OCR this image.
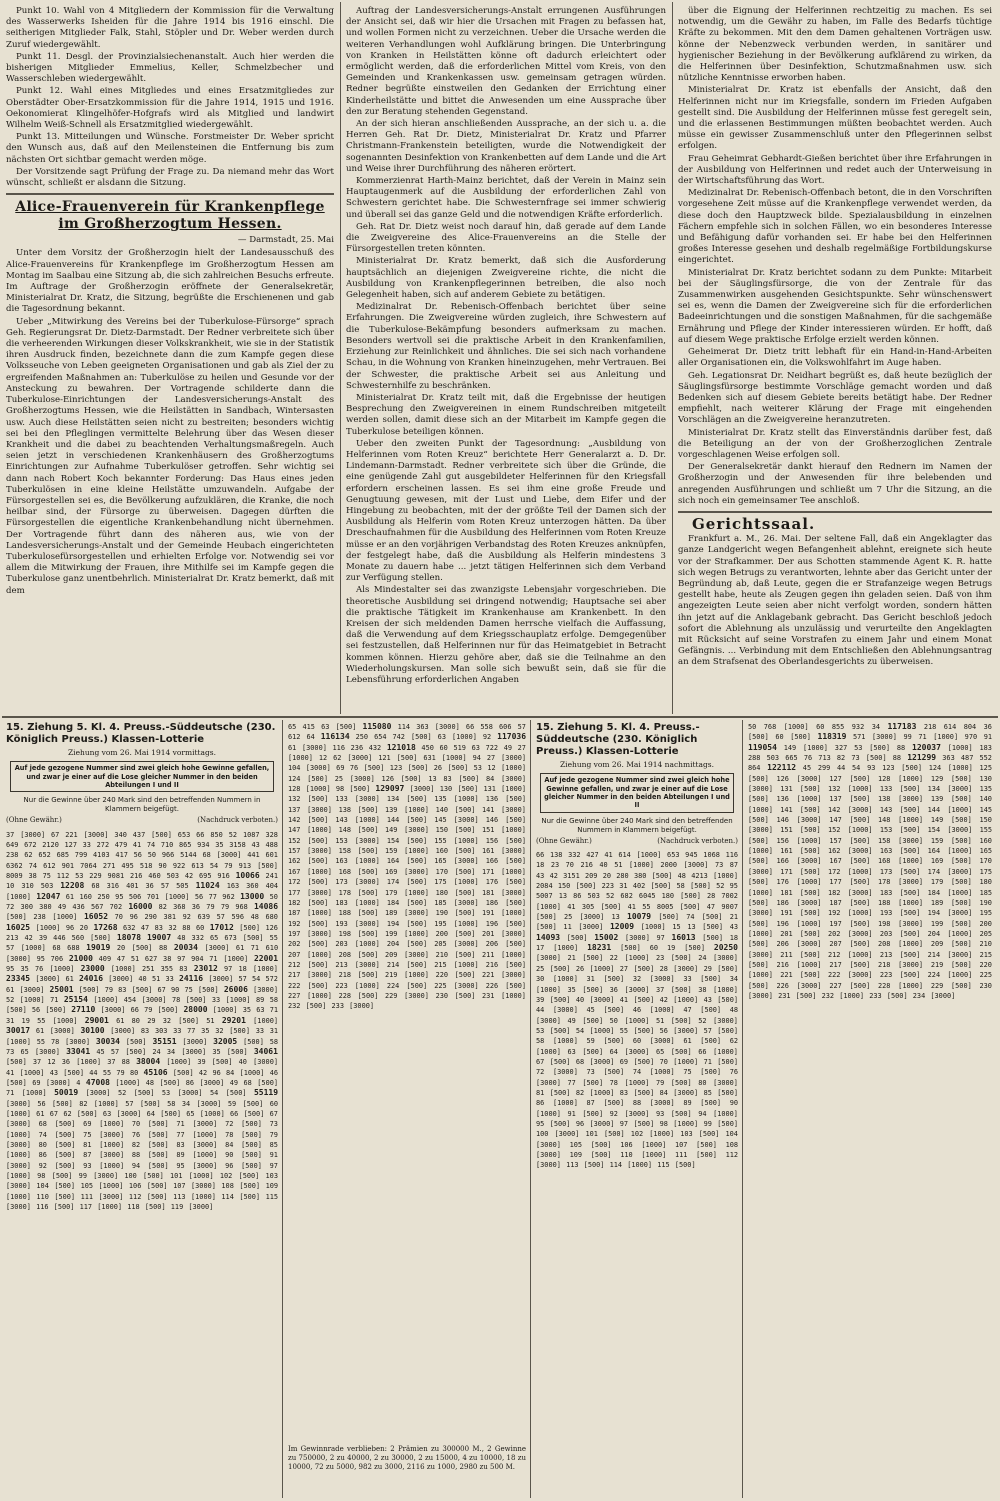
Punkt 10. Wahl von 4 Mitgliedern der Kommission für die Verwaltung des Wasserwerks Isheiden für die Jahre 1914 bis 1916 einschl. Die seitherigen Mitglieder Falk, Stahl, Stöpler und Dr. Weber werden durch Zuruf wiedergewählt.

Punkt 11. Desgl. der Provinzialsiechenanstalt. Auch hier werden die bisherigen Mitglieder Emmelius, Keller, Schmelzbecher und Wasserschleben wiedergewählt.

Punkt 12. Wahl eines Mitgliedes und eines Ersatzmitgliedes zur Oberstädter Ober-Ersatzkommission für die Jahre 1914, 1915 und 1916. Oekonomierat Klingelhöfer-Hofgrafs wird als Mitglied und landwirt Wilhelm Weiß-Schnell als Ersatzmitglied wiedergewählt.

Punkt 13. Mitteilungen und Wünsche. Forstmeister Dr. Weber spricht den Wunsch aus, daß auf den Meilensteinen die Entfernung bis zum nächsten Ort sichtbar gemacht werden möge.

Der Vorsitzende sagt Prüfung der Frage zu. Da niemand mehr das Wort wünscht, schließt er alsdann die Sitzung.

Alice-Frauenverein für Krankenpflege im Großherzogtum Hessen.
— Darmstadt, 25. Mai

Unter dem Vorsitz der Großherzogin hielt der Landesausschuß des Alice-Frauenvereins für Krankenpflege im Großherzogtum Hessen am Montag im Saalbau eine Sitzung ab, die sich zahlreichen Besuchs erfreute. Im Auftrage der Großherzogin eröffnete der Generalsekretär, Ministerialrat Dr. Kratz, die Sitzung, begrüßte die Erschienenen und gab die Tagesordnung bekannt.

Ueber „Mitwirkung des Vereins bei der Tuberkulose-Fürsorge“ sprach Geh. Regierungsrat Dr. Dietz-Darmstadt. Der Redner verbreitete sich über die verheerenden Wirkungen dieser Volkskrankheit, wie sie in der Statistik ihren Ausdruck finden, bezeichnete dann die zum Kampfe gegen diese Volksseuche von Leben geeigneten Organisationen und gab als Ziel der zu ergreifenden Maßnahmen an: Tuberkulöse zu heilen und Gesunde vor der Ansteckung zu bewahren. Der Vortragende schilderte dann die Tuberkulose-Einrichtungen der Landesversicherungs-Anstalt des Großherzogtums Hessen, wie die Heilstätten in Sandbach, Wintersasten usw. Auch diese Heilstätten seien nicht zu bestreiten; besonders wichtig sei bei den Pfleglingen vermittelte Belehrung über das Wesen dieser Krankheit und die dabei zu beachtenden Verhaltungsmaßregeln. Auch seien jetzt in verschiedenen Krankenhäusern des Großherzogtums Einrichtungen zur Aufnahme Tuberkulöser getroffen. Sehr wichtig sei dann nach Robert Koch bekannter Forderung: Das Haus eines jeden Tuberkulösen in eine kleine Heilstätte umzuwandeln. Aufgabe der Fürsorgestellen sei es, die Bevölkerung aufzuklären, die Kranke, die noch heilbar sind, der Fürsorge zu überweisen. Dagegen dürften die Fürsorgestellen die eigentliche Krankenbehandlung nicht übernehmen. Der Vortragende führt dann des näheren aus, wie von der Landesversicherungs-Anstalt und der Gemeinde Heubach eingerichteten Tuberkulosefürsorgestellen und erhielten Erfolge vor. Notwendig sei vor allem die Mitwirkung der Frauen, ihre Mithilfe sei im Kampfe gegen die Tuberkulose ganz unentbehrlich. Ministerialrat Dr. Kratz bemerkt, daß mit dem

Auftrag der Landesversicherungs-Anstalt errungenen Ausführungen der Ansicht sei, daß wir hier die Ursachen mit Fragen zu befassen hat, und wollen Formen nicht zu verzeichnen. Ueber die Ursache werden die weiteren Verhandlungen wohl Aufklärung bringen. Die Unterbringung von Kranken in Heilstätten könne oft dadurch erleichtert oder ermöglicht werden, daß die erforderlichen Mittel vom Kreis, von den Gemeinden und Krankenkassen usw. gemeinsam getragen würden. Redner begrüßte einstweilen den Gedanken der Errichtung einer Kinderheilstätte und bittet die Anwesenden um eine Aussprache über den zur Beratung stehenden Gegenstand.

An der sich hieran anschließenden Aussprache, an der sich u. a. die Herren Geh. Rat Dr. Dietz, Ministerialrat Dr. Kratz und Pfarrer Christmann-Frankenstein beteiligten, wurde die Notwendigkeit der sogenannten Desinfektion von Krankenbetten auf dem Lande und die Art und Weise ihrer Durchführung des näheren erörtert.

Kommerzienrat Harth-Mainz berichtet, daß der Verein in Mainz sein Hauptaugenmerk auf die Ausbildung der erforderlichen Zahl von Schwestern gerichtet habe. Die Schwesternfrage sei immer schwierig und überall sei das ganze Geld und die notwendigen Kräfte erforderlich.

Geh. Rat Dr. Dietz weist noch darauf hin, daß gerade auf dem Lande die Zweigvereine des Alice-Frauenvereins an die Stelle der Fürsorgestellen treten könnten.

Ministerialrat Dr. Kratz bemerkt, daß sich die Ausforderung hauptsächlich an diejenigen Zweigvereine richte, die nicht die Ausbildung von Krankenpflegerinnen betreiben, die also noch Gelegenheit haben, sich auf anderem Gebiete zu betätigen.

Medizinalrat Dr. Rebenisch-Offenbach berichtet über seine Erfahrungen. Die Zweigvereine würden zugleich, ihre Schwestern auf die Tuberkulose-Bekämpfung besonders aufmerksam zu machen. Besonders wertvoll sei die praktische Arbeit in den Krankenfamilien, Erziehung zur Reinlichkeit und ähnliches. Die sei sich nach vorhandene Schau, in die Wohnung von Kranken hineinzugehen, mehr Vertrauen. Bei der Schwester, die praktische Arbeit sei aus Anleitung und Schwesternhilfe zu beschränken.

Ministerialrat Dr. Kratz teilt mit, daß die Ergebnisse der heutigen Besprechung den Zweigvereinen in einem Rundschreiben mitgeteilt werden sollen, damit diese sich an der Mitarbeit im Kampfe gegen die Tuberkulose beteiligen können.

Ueber den zweiten Punkt der Tagesordnung: „Ausbildung von Helferinnen vom Roten Kreuz“ berichtete Herr Generalarzt a. D. Dr. Lindemann-Darmstadt. Redner verbreitete sich über die Gründe, die eine genügende Zahl gut ausgebildeter Helferinnen für den Kriegsfall erfordern erscheinen lassen. Es sei ihm eine große Freude und Genugtuung gewesen, mit der Lust und Liebe, dem Eifer und der Hingebung zu beobachten, mit der der größte Teil der Damen sich der Ausbildung als Helferin vom Roten Kreuz unterzogen hätten. Da über Dreschaufnahmen für die Ausbildung des Helferinnen vom Roten Kreuze müsse er an den vorjährigen Verbandstag des Roten Kreuzes anknüpfen, der festgelegt habe, daß die Ausbildung als Helferin mindestens 3 Monate zu dauern habe ... jetzt tätigen Helferinnen sich dem Verband zur Verfügung stellen.

Als Mindestalter sei das zwanzigste Lebensjahr vorgeschrieben. Die theoretische Ausbildung sei dringend notwendig; Hauptsache sei aber die praktische Tätigkeit im Krankenhause am Krankenbett. In den Kreisen der sich meldenden Damen herrsche vielfach die Auffassung, daß die Verwendung auf dem Kriegsschauplatz erfolge. Demgegenüber sei festzustellen, daß Helferinnen nur für das Heimatgebiet in Betracht kommen können. Hierzu gehöre aber, daß sie die Teilnahme an den Wiederholungskursen. Man solle sich bewußt sein, daß sie für die Lebensführung erforderlichen Angaben

über die Eignung der Helferinnen rechtzeitig zu machen. Es sei notwendig, um die Gewähr zu haben, im Falle des Bedarfs tüchtige Kräfte zu bekommen. Mit den dem Damen gehaltenen Vorträgen usw. könne der Nebenzweck verbunden werden, in sanitärer und hygienischer Beziehung in der Bevölkerung aufklärend zu wirken, da die Helferinnen über Desinfektion, Schutzmaßnahmen usw. sich nützliche Kenntnisse erworben haben.

Ministerialrat Dr. Kratz ist ebenfalls der Ansicht, daß den Helferinnen nicht nur im Kriegsfalle, sondern im Frieden Aufgaben gestellt sind. Die Ausbildung der Helferinnen müsse fest geregelt sein, und die erlassenen Bestimmungen müßten beobachtet werden. Auch müsse ein gewisser Zusammenschluß unter den Pflegerinnen selbst erfolgen.

Frau Geheimrat Gebhardt-Gießen berichtet über ihre Erfahrungen in der Ausbildung von Helferinnen und redet auch der Unterweisung in der Wirtschaftsführung das Wort.

Medizinalrat Dr. Rebenisch-Offenbach betont, die in den Vorschriften vorgesehene Zeit müsse auf die Krankenpflege verwendet werden, da diese doch den Hauptzweck bilde. Spezialausbildung in einzelnen Fächern empfehle sich in solchen Fällen, wo ein besonderes Interesse und Befähigung dafür vorhanden sei. Er habe bei den Helferinnen großes Interesse gesehen und deshalb regelmäßige Fortbildungskurse eingerichtet.

Ministerialrat Dr. Kratz berichtet sodann zu dem Punkte: Mitarbeit bei der Säuglingsfürsorge, die von der Zentrale für das Zusammenwirken ausgehenden Gesichtspunkte. Sehr wünschenswert sei es, wenn die Damen der Zweigvereine sich für die erforderlichen Badeeinrichtungen und die sonstigen Maßnahmen, für die sachgemäße Ernährung und Pflege der Kinder interessieren würden. Er hofft, daß auf diesem Wege praktische Erfolge erzielt werden können.

Geheimerat Dr. Dietz tritt lebhaft für ein Hand-in-Hand-Arbeiten aller Organisationen ein, die Volkswohlfahrt im Auge haben.

Geh. Legationsrat Dr. Neidhart begrüßt es, daß heute bezüglich der Säuglingsfürsorge bestimmte Vorschläge gemacht worden und daß Bedenken sich auf diesem Gebiete bereits betätigt habe. Der Redner empfiehlt, nach weiterer Klärung der Frage mit eingehenden Vorschlägen an die Zweigvereine heranzutreten.

Ministerialrat Dr. Kratz stellt das Einverständnis darüber fest, daß die Beteiligung an der von der Großherzoglichen Zentrale vorgeschlagenen Weise erfolgen soll.

Der Generalsekretär dankt hierauf den Rednern im Namen der Großherzogin und der Anwesenden für ihre belebenden und anregenden Ausführungen und schließt um 7 Uhr die Sitzung, an die sich noch ein gemeinsamer Tee anschloß.

Gerichtssaal.

Frankfurt a. M., 26. Mai. Der seltene Fall, daß ein Angeklagter das ganze Landgericht wegen Befangenheit ablehnt, ereignete sich heute vor der Strafkammer. Der aus Schotten stammende Agent K. R. hatte sich wegen Betrugs zu verantworten, lehnte aber das Gericht unter der Begründung ab, daß Leute, gegen die er Strafanzeige wegen Betrugs gestellt habe, heute als Zeugen gegen ihn geladen seien. Daß von ihm angezeigten Leute seien aber nicht verfolgt worden, sondern hätten ihn jetzt auf die Anklagebank gebracht. Das Gericht beschloß jedoch sofort die Ablehnung als unzulässig und verurteilte den Angeklagten mit Rücksicht auf seine Vorstrafen zu einem Jahr und einem Monat Gefängnis. ... Verbindung mit dem Entschließen den Ablehnungsantrag an dem Strafsenat des Oberlandesgerichts zu überweisen.

15. Ziehung 5. Kl. 4. Preuss.-Süddeutsche (230. Königlich Preuss.) Klassen-Lotterie
Ziehung vom 26. Mai 1914 vormittags.
Auf jede gezogene Nummer sind zwei gleich hohe Gewinne gefallen, und zwar je einer auf die Lose gleicher Nummer in den beiden Abteilungen I und II
Nur die Gewinne über 240 Mark sind den betreffenden Nummern in Klammern beigefügt.
(Ohne Gewähr.)	(Nachdruck verboten.)
37 [3000] 67 221 [3000] 340 437 [500] 653 66 850 52 1087 328 649 672 2120 127 33 272 479 41 74 710 865 934 35 3158 43 488 238 62 652 685 799 4103 417 56 50 966 5144 68 [3000] 441 601 6362 74 612 901 7064 271 495 518 90 922 613 54 79 913 [500] 8009 38 75 112 53 229 9081 216 460 503 42 695 916 10066 241 10 310 503 12208 68 316 401 36 57 505 11024 163 360 404 [1000] 12047 61 160 250 95 506 701 [1000] 56 77 962 13000 50 72 300 380 49 436 567 702 16000 82 368 36 79 79 968 14086 [500] 238 [1000] 16052 70 96 290 381 92 639 57 596 48 680 16025 [1000] 96 20 17268 632 47 83 32 88 60 17012 [500] 126 213 42 39 446 560 [500] 18078 19007 48 332 65 673 [500] 55 57 [1000] 68 688 19019 20 [500] 88 20034 [3000] 61 71 610 [3000] 95 706 21000 409 47 51 627 38 97 904 71 [1000] 22001 95 35 76 [1000] 23000 [1000] 251 355 83 23012 97 18 [1000] 23345 [3000] 61 24016 [3000] 40 51 33 24116 [3000] 57 54 572 61 [3000] 25001 [500] 79 83 [500] 67 90 75 [500] 26006 [3000] 52 [1000] 71 25154 [1000] 454 [3000] 78 [500] 33 [1000] 89 58 [500] 56 [500] 27110 [3000] 66 79 [500] 28000 [1000] 35 63 71 31 19 55 [1000] 29001 61 80 29 32 [500] 51 29201 [1000] 30017 61 [3000] 30100 [3000] 83 303 33 77 35 32 [500] 33 31 [1000] 55 78 [3000] 30034 [500] 35151 [3000] 32005 [500] 58 73 65 [3000] 33041 45 57 [500] 24 34 [3000] 35 [500] 34061 [500] 37 12 36 [1000] 37 88 38004 [1000] 39 [500] 40 [3000] 41 [1000] 43 [500] 44 55 79 80 45106 [500] 42 96 84 [1000] 46 [500] 69 [3000] 4 47008 [1000] 48 [500] 86 [3000] 49 68 [500] 71 [1000] 50019 [3000] 52 [500] 53 [3000] 54 [500] 55119 [3000] 56 [500] 82 [1000] 57 [500] 58 34 [3000] 59 [500] 60 [1000] 61 67 62 [500] 63 [3000] 64 [500] 65 [1000] 66 [500] 67 [3000] 68 [500] 69 [1000] 70 [500] 71 [3000] 72 [500] 73 [1000] 74 [500] 75 [3000] 76 [500] 77 [1000] 78 [500] 79 [3000] 80 [500] 81 [1000] 82 [500] 83 [3000] 84 [500] 85 [1000] 86 [500] 87 [3000] 88 [500] 89 [1000] 90 [500] 91 [3000] 92 [500] 93 [1000] 94 [500] 95 [3000] 96 [500] 97 [1000] 98 [500] 99 [3000] 100 [500] 101 [1000] 102 [500] 103 [3000] 104 [500] 105 [1000] 106 [500] 107 [3000] 108 [500] 109 [1000] 110 [500] 111 [3000] 112 [500] 113 [1000] 114 [500] 115 [3000] 116 [500] 117 [1000] 118 [500] 119 [3000]
65 415 63 [500] 115080 114 363 [3000] 66 558 606 57 612 64 116134 250 654 742 [500] 63 [1000] 92 117036 61 [3000] 116 236 432 121018 450 60 519 63 722 49 27 [1000] 12 62 [3000] 121 [500] 631 [1000] 94 27 [3000] 104 [3000] 69 76 [500] 123 [500] 26 [500] 53 12 [1000] 124 [500] 25 [3000] 126 [500] 13 83 [500] 84 [3000] 128 [1000] 98 [500] 129097 [3000] 130 [500] 131 [1000] 132 [500] 133 [3000] 134 [500] 135 [1000] 136 [500] 137 [3000] 138 [500] 139 [1000] 140 [500] 141 [3000] 142 [500] 143 [1000] 144 [500] 145 [3000] 146 [500] 147 [1000] 148 [500] 149 [3000] 150 [500] 151 [1000] 152 [500] 153 [3000] 154 [500] 155 [1000] 156 [500] 157 [3000] 158 [500] 159 [1000] 160 [500] 161 [3000] 162 [500] 163 [1000] 164 [500] 165 [3000] 166 [500] 167 [1000] 168 [500] 169 [3000] 170 [500] 171 [1000] 172 [500] 173 [3000] 174 [500] 175 [1000] 176 [500] 177 [3000] 178 [500] 179 [1000] 180 [500] 181 [3000] 182 [500] 183 [1000] 184 [500] 185 [3000] 186 [500] 187 [1000] 188 [500] 189 [3000] 190 [500] 191 [1000] 192 [500] 193 [3000] 194 [500] 195 [1000] 196 [500] 197 [3000] 198 [500] 199 [1000] 200 [500] 201 [3000] 202 [500] 203 [1000] 204 [500] 205 [3000] 206 [500] 207 [1000] 208 [500] 209 [3000] 210 [500] 211 [1000] 212 [500] 213 [3000] 214 [500] 215 [1000] 216 [500] 217 [3000] 218 [500] 219 [1000] 220 [500] 221 [3000] 222 [500] 223 [1000] 224 [500] 225 [3000] 226 [500] 227 [1000] 228 [500] 229 [3000] 230 [500] 231 [1000] 232 [500] 233 [3000]
Im Gewinnrade verblieben: 2 Prämien zu 300000 M., 2 Gewinne zu 750000, 2 zu 40000, 2 zu 30000, 2 zu 15000, 4 zu 10000, 18 zu 10000, 72 zu 5000, 982 zu 3000, 2116 zu 1000, 2980 zu 500 M.
15. Ziehung 5. Kl. 4. Preuss.-Süddeutsche (230. Königlich Preuss.) Klassen-Lotterie
Ziehung vom 26. Mai 1914 nachmittags.
Auf jede gezogene Nummer sind zwei gleich hohe Gewinne gefallen, und zwar je einer auf die Lose gleicher Nummer in den beiden Abteilungen I und II
Nur die Gewinne über 240 Mark sind den betreffenden Nummern in Klammern beigefügt.
(Ohne Gewähr.)	(Nachdruck verboten.)
66 138 332 427 41 614 [1000] 653 945 1068 116 18 23 70 216 40 51 [1000] 2000 [3000] 73 87 43 42 3151 209 20 280 380 [500] 48 4213 [1000] 2084 150 [500] 223 31 402 [500] 58 [500] 52 95 5007 13 86 503 52 682 6045 180 [500] 28 7002 [1000] 41 305 [500] 41 55 8005 [500] 47 9007 [500] 25 [3000] 13 10079 [500] 74 [500] 21 [500] 11 [3000] 12009 [1000] 15 13 [500] 43 14093 [500] 15002 [3000] 97 16013 [500] 18 17 [1000] 18231 [500] 60 19 [500] 20250 [3000] 21 [500] 22 [1000] 23 [500] 24 [3000] 25 [500] 26 [1000] 27 [500] 28 [3000] 29 [500] 30 [1000] 31 [500] 32 [3000] 33 [500] 34 [1000] 35 [500] 36 [3000] 37 [500] 38 [1000] 39 [500] 40 [3000] 41 [500] 42 [1000] 43 [500] 44 [3000] 45 [500] 46 [1000] 47 [500] 48 [3000] 49 [500] 50 [1000] 51 [500] 52 [3000] 53 [500] 54 [1000] 55 [500] 56 [3000] 57 [500] 58 [1000] 59 [500] 60 [3000] 61 [500] 62 [1000] 63 [500] 64 [3000] 65 [500] 66 [1000] 67 [500] 68 [3000] 69 [500] 70 [1000] 71 [500] 72 [3000] 73 [500] 74 [1000] 75 [500] 76 [3000] 77 [500] 78 [1000] 79 [500] 80 [3000] 81 [500] 82 [1000] 83 [500] 84 [3000] 85 [500] 86 [1000] 87 [500] 88 [3000] 89 [500] 90 [1000] 91 [500] 92 [3000] 93 [500] 94 [1000] 95 [500] 96 [3000] 97 [500] 98 [1000] 99 [500] 100 [3000] 101 [500] 102 [1000] 103 [500] 104 [3000] 105 [500] 106 [1000] 107 [500] 108 [3000] 109 [500] 110 [1000] 111 [500] 112 [3000] 113 [500] 114 [1000] 115 [500]
50 768 [1000] 60 855 932 34 117183 218 614 804 36 [500] 60 [500] 118319 571 [3000] 99 71 [1000] 970 91 119054 149 [1000] 327 53 [500] 88 120037 [1000] 183 288 503 665 76 713 82 73 [500] 88 121299 363 487 552 864 122112 45 299 44 54 93 123 [500] 124 [1000] 125 [500] 126 [3000] 127 [500] 128 [1000] 129 [500] 130 [3000] 131 [500] 132 [1000] 133 [500] 134 [3000] 135 [500] 136 [1000] 137 [500] 138 [3000] 139 [500] 140 [1000] 141 [500] 142 [3000] 143 [500] 144 [1000] 145 [500] 146 [3000] 147 [500] 148 [1000] 149 [500] 150 [3000] 151 [500] 152 [1000] 153 [500] 154 [3000] 155 [500] 156 [1000] 157 [500] 158 [3000] 159 [500] 160 [1000] 161 [500] 162 [3000] 163 [500] 164 [1000] 165 [500] 166 [3000] 167 [500] 168 [1000] 169 [500] 170 [3000] 171 [500] 172 [1000] 173 [500] 174 [3000] 175 [500] 176 [1000] 177 [500] 178 [3000] 179 [500] 180 [1000] 181 [500] 182 [3000] 183 [500] 184 [1000] 185 [500] 186 [3000] 187 [500] 188 [1000] 189 [500] 190 [3000] 191 [500] 192 [1000] 193 [500] 194 [3000] 195 [500] 196 [1000] 197 [500] 198 [3000] 199 [500] 200 [1000] 201 [500] 202 [3000] 203 [500] 204 [1000] 205 [500] 206 [3000] 207 [500] 208 [1000] 209 [500] 210 [3000] 211 [500] 212 [1000] 213 [500] 214 [3000] 215 [500] 216 [1000] 217 [500] 218 [3000] 219 [500] 220 [1000] 221 [500] 222 [3000] 223 [500] 224 [1000] 225 [500] 226 [3000] 227 [500] 228 [1000] 229 [500] 230 [3000] 231 [500] 232 [1000] 233 [500] 234 [3000]
